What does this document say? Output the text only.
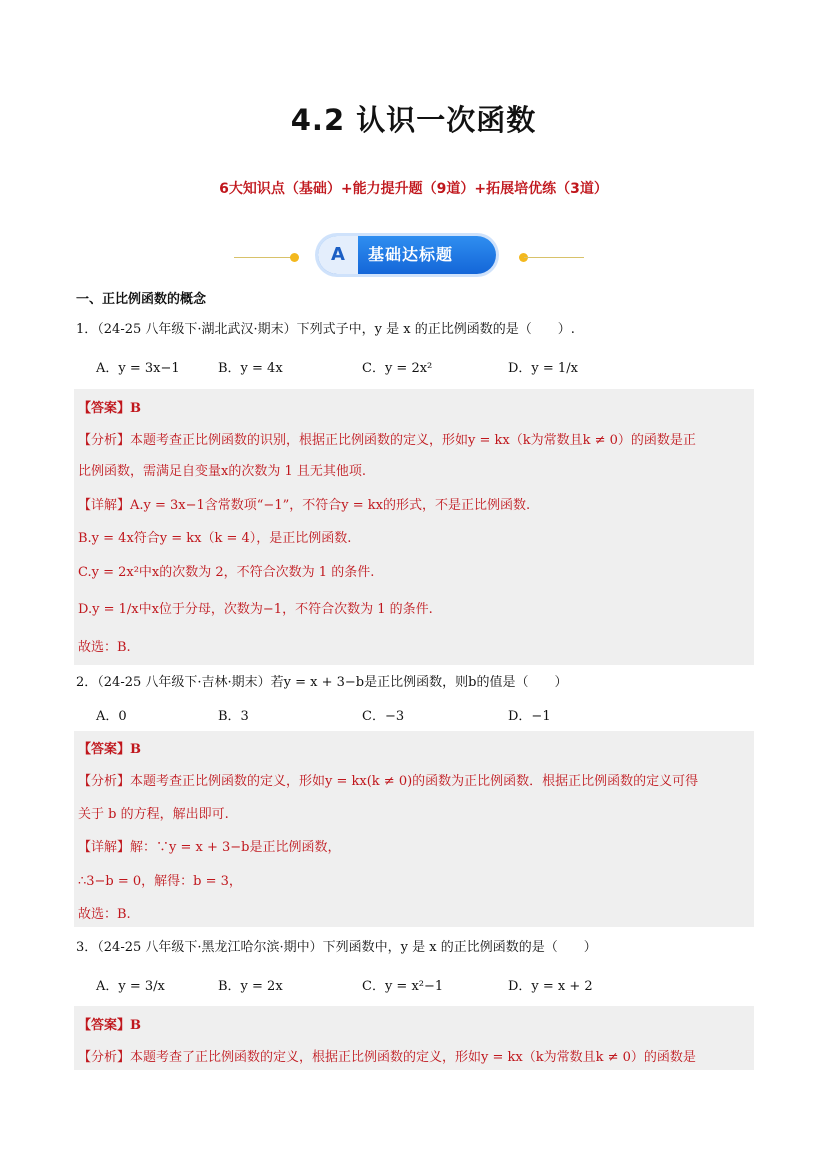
4.2 认识一次函数
6大知识点（基础）+能力提升题（9道）+拓展培优练（3道）
A	基础达标题
一、正比例函数的概念
1．（24-25 八年级下·湖北武汉·期末）下列式子中，y 是 x 的正比例函数的是（　　）.
A．y = 3x−1	B．y = 4x	C．y = 2x²	D．y = 1/x
【答案】B
【分析】本题考查正比例函数的识别，根据正比例函数的定义，形如y = kx（k为常数且k ≠ 0）的函数是正
比例函数，需满足自变量x的次数为 1 且无其他项.
【详解】A.y = 3x−1含常数项“−1”，不符合y = kx的形式，不是正比例函数.
B.y = 4x符合y = kx（k = 4），是正比例函数.
C.y = 2x²中x的次数为 2，不符合次数为 1 的条件.
D.y = 1/x中x位于分母，次数为−1，不符合次数为 1 的条件.
故选：B.
2．（24-25 八年级下·吉林·期末）若y = x + 3−b是正比例函数，则b的值是（　　）
A．0	B．3	C．−3	D．−1
【答案】B
【分析】本题考查正比例函数的定义，形如y = kx(k ≠ 0)的函数为正比例函数．根据正比例函数的定义可得
关于 b 的方程，解出即可.
【详解】解：∵y = x + 3−b是正比例函数，
∴3−b = 0，解得：b = 3，
故选：B.
3．（24-25 八年级下·黑龙江哈尔滨·期中）下列函数中，y 是 x 的正比例函数的是（　　）
A．y = 3/x	B．y = 2x	C．y = x²−1	D．y = x + 2
【答案】B
【分析】本题考查了正比例函数的定义，根据正比例函数的定义，形如y = kx（k为常数且k ≠ 0）的函数是
